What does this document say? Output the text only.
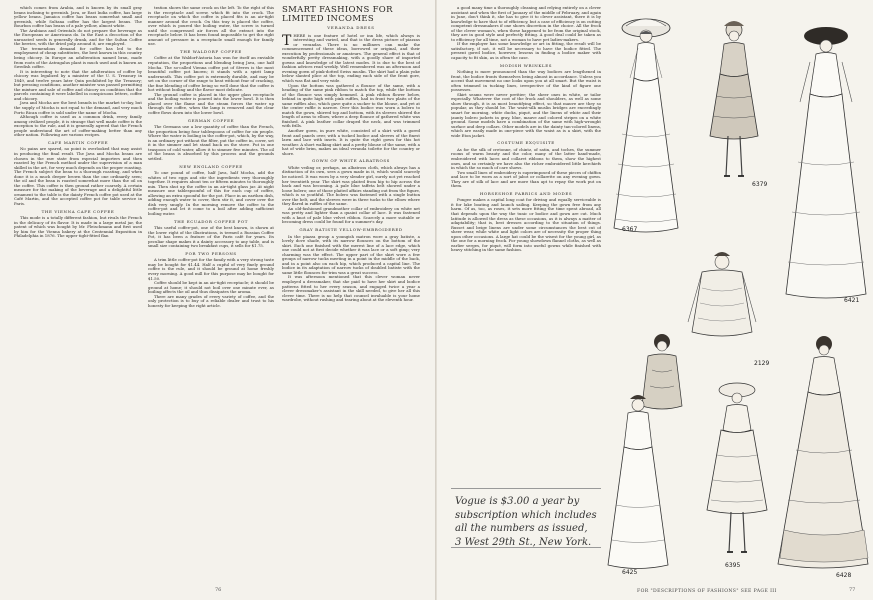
which comes from Arabia, and is known by its small gray beans inclining to greenish. Java, or East India coffee, has large yellow beans. Jamaica coffee has beans somewhat small and greenish, while Sultana coffee has the largest beans. The Bourbon coffee has beans of a pale yellow, almost white.

The Arabians and Orientals do not prepare the beverage as the Europeans or Americans do. In the East a decoction of the unroasted seeds is generally drunk, and for the Sultan Coffee the berries, with the dried pulp around it, are employed.

The tremendous demand for coffee has led to the employment of cheap substitutes, the best known in this country being chicory. In Europe an adulteration named bran, made from roots of the Astragalus plant is much used and is known as Swedish coffee.

It is interesting to note that the adulteration of coffee by chicory was legalized by a minister of the U. S. Treasury in 1849, and twelve years later Quin prohibited by the Treasury; but pressing conditions, another minister was passed permitting the mixture and sale of coffee and chicory on condition that the parcels containing it were labelled in conspicuous letters, coffee and chicory.

Java and Mocha are the best brands in the market to-day, but the supply of Mocha is not equal to the demand, and very much Porto Rican coffee is sold under the name of Mocha.

Although coffee is used as a common drink, every family among civilized people, it is strange that well made coffee is the exception to the rule, and it is generally agreed that the French people understand the art of coffee-making better than any other nation. Following are various recipes.

CAFE MARTIN COFFEE

No pains are spared, no point is overlooked that may assist in producing the final result. The Java and Mocha beans are chosen in the raw state from especial importers and then roasted by the French method under the supervision of a man skilled in the art, for very much depends on the proper roasting. The French subject the bean to a thorough roasting, and when done it is a much deeper brown than the one ordinarily seen; the oil and the bean is roasted somewhat more than the oil on the coffee. This coffee is then ground rather coarsely. A certain measure for the making of the beverage and a delightful little ornament to the table is the dainty French coffee pot used at the Café Martin, and the accepted coffee pot for table service in Paris.

THE VIENNA CAFE COFFEE

This mode is a totally different fashion, but rivals the French in the delicacy of its flavor. It is made in a large metal jar, the patent of which was bought by Mr. Fleischmann and first used by him for the Vienna bakery at the Centennial Exposition in Philadelphia in 1876. The upper tight-fitted flan

tration shows the same crock on the left. To the right of this is the receptacle and screw, which fit into the crock. The receptacle on which the coffee is placed fits is an air-tight manner around the crock. On this tray is placed the coffee, over which is poured the boiling water, the screw is turned until the compressed air forces all the extract into the receptacle below. It has been found impossible to get the right amount of pressure in a receptacle small enough for family use.

THE WALDORF COFFEE

Coffee at the Waldorf-Astoria has won for itself an enviable reputation, the proportions and blending being Java, one half Mocha. The so-called Vienna coffee pot of Sèvres is the most beautiful coffee pot known; it stands with a spirit lamp underneath. This coffee pot is extremely durable, and may be set on the corner of the range to heat without fear of cracking, the fine blending of coffee being so well done that the coffee is hot without boiling and the flavor most delicate.

The ground coffee is placed in the upper glass receptacle and the boiling water is poured into the lower bowl. It is then placed over the flame and the steam forces the water up through the coffee, when the lamp is removed and the clear coffee flows down into the lower bowl.

GERMAN COFFEE

The Germans use a low quantity of coffee than the French, the proportion being four tablespoons of coffee for six people. Where the water is boiling in the coffee-pot, which, by the way, is an ordinary pot without the filter, put the coffee in, cover, set it in the simmer and let stand back on the stove. Put in one teaspoon of cold water, allow it to simmer five minutes. The oil of the beans is absorbed by this process and the grounds settled.

NEW ENGLAND COFFEE

To one pound of coffee, half Java, half Mocha, add the whites of two eggs and stir the ingredients very thoroughly together. It requires about ten or fifteen minutes to thoroughly mix. Then shut up the coffee in an air-tight glass jar. At night measure one tablespoonful of this for each cup of coffee, allowing an extra spoonful for the pot. Place in an earthen dish, adding enough water to cover, then stir it, and cover over the dish very snugly. In the morning remove the coffee to the coffee-pot and let it come to a boil after adding sufficient boiling water.

THE ECUADOR COFFEE POT

This useful coffee-pot, one of the best known, is shown at the lower right of the illustrations, is termed a Russian Coffee Pot, it has been a feature of the Paris café for years. Its peculiar shape makes it a dainty accessory to any table, and is small size containing two breakfast cups, it sells for $1.75.

FOR TWO PERSONS

A trim little coffee-pot for the family with a very strong taste may be bought for $1.44. Half a cupful of very finely ground coffee is the rule, and it should be ground at home freshly every morning. A good mill for this purpose may be bought for $1.50.

Coffee should be kept in an air-tight receptacle; it should be ground at home; it should not boil over one minute ever, as boiling affects the oil and thus dissipates the aroma.

There are many grades of every variety of coffee, and the only protection is to buy of a reliable dealer and trust to his honesty for keeping the right article.

SMART FASHIONS FOR LIMITED INCOMES
VERANDA DRESS

THERE is one feature of hotel or inn life, which always is interesting and varied, and that is the dress picture of piazzas or verandas. There is no milliners can make the commencement of these ideas, borrowed or original, and their execution by professionals or amateurs. The general effect is that of wonderfully pretty dressmaking, with a goodly share of imported gowns and knowledge of the latest modes. It is due to the best of fashion advices read weekly. Well remembered was an afternoon and evening gown of pink-dotted Swiss muslin. The skirt had a plain yoke below slanted plice at the top, ending each side of the front gore, which was flat and very wide.

Upon the bottom was gathered a flounce of the same, with a heading of the same pink ribbon to match the top, while the bottom of the flounce was simply hemmed. A pink ribbon flower below, behind in quite high with pink ruffles, had in front two plaits of the same ruffles also, which gave quite a sucker to the blouse, and yet at the center ruffle is narrow. Over this bodice was worn a bolero to match the gown, shirred top and bottom, with its sleeves shirred the length of arms to elbow, where a deep flounce of gathered white was finished. A pink leather collar draped the neck, and was trimmed with frills.

Another gown, in pure white, consisted of a skirt with a gored front and panels over, with a tucked bodice and sleeves of the finest lawn and lace with insets. It is quite the right gown for this hot weather. A short walking skirt and a pretty blouse of the same, with a hat of wide brim, makes an ideal veranda toilette for the country or shore.

GOWN OF WHITE ALBATROSS

White veiling or, perhaps, an albatross cloth, which always has a distinction of its own, sees a gown made in it, which would scarcely be noticed. It was worn by a very slender girl, surely not yet reached her twentieth year. The skirt was plaited from hip to hip across the back and was becoming. A pale blue taffeta belt showed under a loose bolero; one of those plaited affairs standing out from the figure, which is so youthful. The bolero was fastened with a single button over the belt, and the sleeves were in three tucks to the elbow where they flared in ruffles of the same.

An old-fashioned grandmother collar of embroidery on white net was pretty and lighter than a quaint collar of lace. It was fastened with a knot of pale blue velvet ribbon. Scarcely a more suitable or becoming dress could be found for a summer's day.

GRAY BATISTE YELLOW-EMBROIDERED

In the piazza group a youngish matron wore a gray batiste, a lovely dove shade, with its narrow flounces on the bottom of the skirt. Each one finished with the merest line of a lace edge, which one could not at first decide whether it was lace or a soft gimp; very charming was the effect. The upper part of the skirt wore a few groups of narrow tucks meeting in a point in the middle of the back, and in a point also on each hip, which produced a capital line. The bodice in its adaptation of narrow tucks of doubled batiste with the same little flounces for trim was a great success.

It was afternoon mentioned that this clever woman never employed a dressmaker, that she paid to have her skirt and bodice patterns fitted to her every season, and engaged twice a year a clever dressmaker's assistant in the skill needed, to give her all this clever time. There is no help that counsel invaluable is your home wardrobe, without rushing and tearing about at the eleventh hour.

76

a good many time a thoroughly cleaning and relying entirely on a clever assistant and when the first of January of the middle of February, and again in June, don't think it, she has to give it to clever assistant, there it is by knowledge to have that to of efficiency, but a case of efficiency is on cutting competent dressmakers if one shows discretion in the choice. All the frock of the clever woman's, when these happened to be from the original stock, they are in good style and perfectly fitting. A good deal could be taken as to efficiency for all time, not a woman to have pet ladies-makers.

If the employer has some knowledge or art in fitting, the result will be satisfactory, if not, it will be necessary to have the bodice fitted. The present gored bodice, however, lessens in finding a bodice maker with capacity to fit skin, as is often the case.

MODISH WRINKLES

Nothing is more pronounced than the way bodices are lengthened in front, the bodice fronts themselves being almost in accordance. Unless you accent that movement no one looks upon you at all smart. But the waist is often trimmed in tucking lines, irrespective of the kind of figure one possesses.

Skirt seams were never prettier; the sheer ones in white, or tailor especially. Whatever the cost of the frock and shoulders, as well as some show through, it is as most beautifying effect, so that mauve are they so popular, as they should be. The waist-silk muslin bridges are exceedingly smart for morning, white ducks, piqué, and the linens of white and their jaunty bolero jackets in gray, blue, mauve and colored stripes on a white ground. Some models have a combination of the same with high-wrought surface and deep collars. Other models are in the dainty tan-colored linens, which are easily made in one-piece with the waist as is a skirt, with the wide Eton jacket.

COSTUME EXQUISITE

As for the silk of cretonne, of chintz, of satin, and toches, the summer rooms of warm beauty and the color, many of the latter hand-made, embroidered with laces and collaret ribbons to them, show the highest ones, and so certainly we have also the richer embroidered little kerchiefs in which the so much of care shows.

Two small lines of embroidery is superimposed of these pieces of chiffon and lace to be worn as a sort of jabot or collarette on any evening gown. They are of silk of lace and are more than apt to repay the work put on them.

HORSESHOE FABRICS AND MODES

Pongee makes a capital long coat for driving and equally serviceable is it for lake boating and launch sailing. Keeping the gown free from any harm. Of as, too, as roses, it sets more fitting the time spent abroad, all that depends upon the way the tunic or bodice and gown are cut. Much latitude is allowed the dress as these occasions, as it is always a matter of adaptability; that is, best dresses according to the situation of things. Russet and beige linens are under some circumstances the best cut of sheer wear, while white and light colors are of necessity the proper thing upon other occasions. A large hat could be the wisest for the young girl, as the one for a morning frock. For young showdown flannel cloths, as well as earlier serges, for piqué, will form into useful gowns while finished with heavy stitching in the same fashion.

Vogue is $3.00 a year by subscription which includes all the numbers as issued, 3 West 29th St., New York.

6367
6379
6421
2129
6425
6395
6428
FOR "DESCRIPTIONS OF FASHIONS" SEE PAGE III	77
